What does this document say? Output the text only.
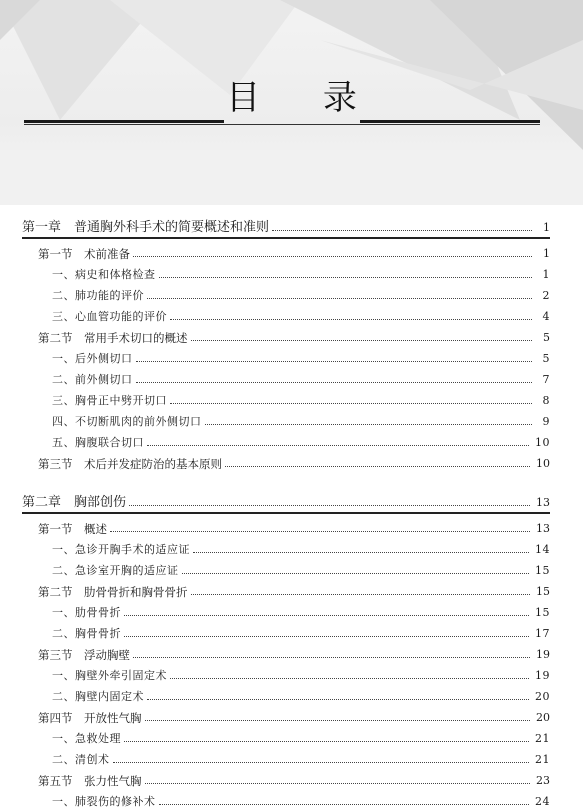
目 录
第一章　普通胸外科手术的简要概述和准则	1
第一节　术前准备	1
一、病史和体格检查	1
二、肺功能的评价	2
三、心血管功能的评价	4
第二节　常用手术切口的概述	5
一、后外侧切口	5
二、前外侧切口	7
三、胸骨正中劈开切口	8
四、不切断肌肉的前外侧切口	9
五、胸腹联合切口	10
第三节　术后并发症防治的基本原则	10
第二章　胸部创伤	13
第一节　概述	13
一、急诊开胸手术的适应证	14
二、急诊室开胸的适应证	15
第二节　肋骨骨折和胸骨骨折	15
一、肋骨骨折	15
二、胸骨骨折	17
第三节　浮动胸壁	19
一、胸壁外牵引固定术	19
二、胸壁内固定术	20
第四节　开放性气胸	20
一、急救处理	21
二、清创术	21
第五节　张力性气胸	23
一、肺裂伤的修补术	24
